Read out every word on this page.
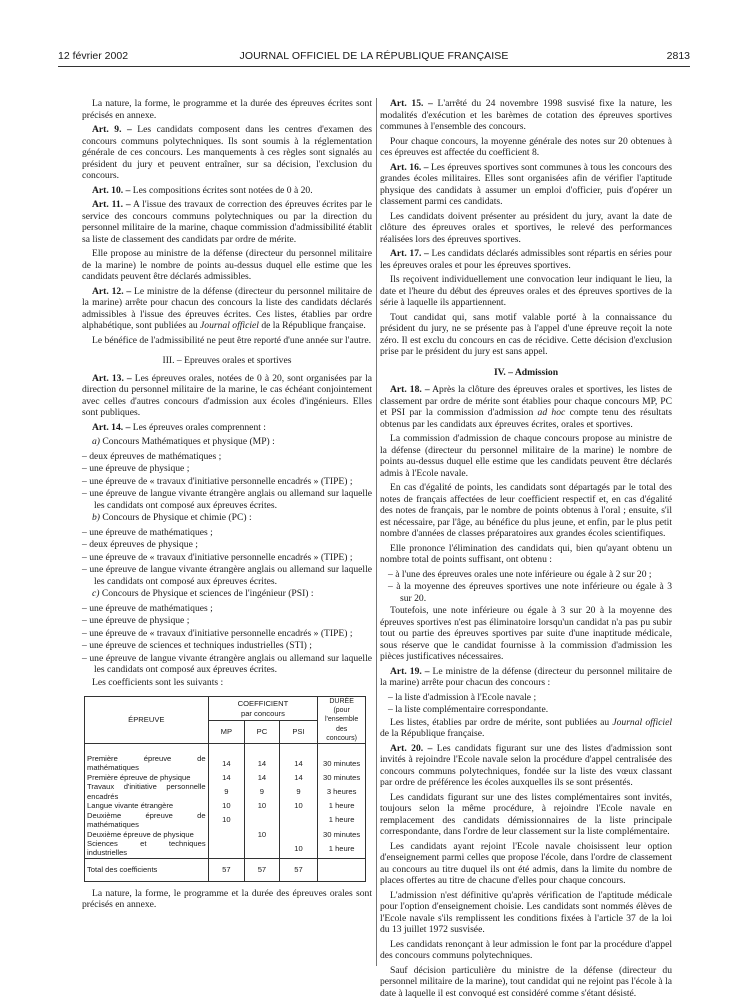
12 février 2002	JOURNAL OFFICIEL DE LA RÉPUBLIQUE FRANÇAISE	2813

La nature, la forme, le programme et la durée des épreuves écrites sont précisés en annexe.

Art. 9. – Les candidats composent dans les centres d'examen des concours communs polytechniques. Ils sont soumis à la réglementation générale de ces concours. Les manquements à ces règles sont signalés au président du jury et peuvent entraîner, sur sa décision, l'exclusion du concours.

Art. 10. – Les compositions écrites sont notées de 0 à 20.

Art. 11. – A l'issue des travaux de correction des épreuves écrites par le service des concours communs polytechniques ou par la direction du personnel militaire de la marine, chaque commission d'admissibilité établit sa liste de classement des candidats par ordre de mérite.

Elle propose au ministre de la défense (directeur du personnel militaire de la marine) le nombre de points au-dessus duquel elle estime que les candidats peuvent être déclarés admissibles.

Art. 12. – Le ministre de la défense (directeur du personnel militaire de la marine) arrête pour chacun des concours la liste des candidats déclarés admissibles à l'issue des épreuves écrites. Ces listes, établies par ordre alphabétique, sont publiées au Journal officiel de la République française.

Le bénéfice de l'admissibilité ne peut être reporté d'une année sur l'autre.

III. – Epreuves orales et sportives

Art. 13. – Les épreuves orales, notées de 0 à 20, sont organisées par la direction du personnel militaire de la marine, le cas échéant conjointement avec celles d'autres concours d'admission aux écoles d'ingénieurs. Elles sont publiques.

Art. 14. – Les épreuves orales comprennent :

a) Concours Mathématiques et physique (MP) :

– deux épreuves de mathématiques ;
– une épreuve de physique ;
– une épreuve de « travaux d'initiative personnelle encadrés » (TIPE) ;
– une épreuve de langue vivante étrangère anglais ou allemand sur laquelle les candidats ont composé aux épreuves écrites.

b) Concours de Physique et chimie (PC) :

– une épreuve de mathématiques ;
– deux épreuves de physique ;
– une épreuve de « travaux d'initiative personnelle encadrés » (TIPE) ;
– une épreuve de langue vivante étrangère anglais ou allemand sur laquelle les candidats ont composé aux épreuves écrites.

c) Concours de Physique et sciences de l'ingénieur (PSI) :

– une épreuve de mathématiques ;
– une épreuve de physique ;
– une épreuve de « travaux d'initiative personnelle encadrés » (TIPE) ;
– une épreuve de sciences et techniques industrielles (STI) ;
– une épreuve de langue vivante étrangère anglais ou allemand sur laquelle les candidats ont composé aux épreuves écrites.

Les coefficients sont les suivants :

ÉPREUVE	COEFFICIENT
par concours			DURÉE (pour l'ensemble des concours)
	MP	PC	PSI	

Première épreuve de mathématiques	14	14	14	30 minutes
Première épreuve de physique	14	14	14	30 minutes
Travaux d'initiative personnelle encadrés	9	9	9	3 heures
Langue vivante étrangère	10	10	10	1 heure
Deuxième épreuve de mathématiques	10			1 heure
Deuxième épreuve de physique		10		30 minutes
Sciences et techniques industrielles			10	1 heure
Total des coefficients	57	57	57	

La nature, la forme, le programme et la durée des épreuves orales sont précisés en annexe.

Art. 15. – L'arrêté du 24 novembre 1998 susvisé fixe la nature, les modalités d'exécution et les barèmes de cotation des épreuves sportives communes à l'ensemble des concours.

Pour chaque concours, la moyenne générale des notes sur 20 obtenues à ces épreuves est affectée du coefficient 8.

Art. 16. – Les épreuves sportives sont communes à tous les concours des grandes écoles militaires. Elles sont organisées afin de vérifier l'aptitude physique des candidats à assumer un emploi d'officier, puis d'opérer un classement parmi ces candidats.

Les candidats doivent présenter au président du jury, avant la date de clôture des épreuves orales et sportives, le relevé des performances réalisées lors des épreuves sportives.

Art. 17. – Les candidats déclarés admissibles sont répartis en séries pour les épreuves orales et pour les épreuves sportives.

Ils reçoivent individuellement une convocation leur indiquant le lieu, la date et l'heure du début des épreuves orales et des épreuves sportives de la série à laquelle ils appartiennent.

Tout candidat qui, sans motif valable porté à la connaissance du président du jury, ne se présente pas à l'appel d'une épreuve reçoit la note zéro. Il est exclu du concours en cas de récidive. Cette décision d'exclusion prise par le président du jury est sans appel.

IV. – Admission

Art. 18. – Après la clôture des épreuves orales et sportives, les listes de classement par ordre de mérite sont établies pour chaque concours MP, PC et PSI par la commission d'admission ad hoc compte tenu des résultats obtenus par les candidats aux épreuves écrites, orales et sportives.

La commission d'admission de chaque concours propose au ministre de la défense (directeur du personnel militaire de la marine) le nombre de points au-dessus duquel elle estime que les candidats peuvent être déclarés admis à l'Ecole navale.

En cas d'égalité de points, les candidats sont départagés par le total des notes de français affectées de leur coefficient respectif et, en cas d'égalité des notes de français, par le nombre de points obtenus à l'oral ; ensuite, s'il est nécessaire, par l'âge, au bénéfice du plus jeune, et enfin, par le plus petit nombre d'années de classes préparatoires aux grandes écoles scientifiques.

Elle prononce l'élimination des candidats qui, bien qu'ayant obtenu un nombre total de points suffisant, ont obtenu :

– à l'une des épreuves orales une note inférieure ou égale à 2 sur 20 ;
– à la moyenne des épreuves sportives une note inférieure ou égale à 3 sur 20.

Toutefois, une note inférieure ou égale à 3 sur 20 à la moyenne des épreuves sportives n'est pas éliminatoire lorsqu'un candidat n'a pas pu subir tout ou partie des épreuves sportives par suite d'une inaptitude médicale, sous réserve que le candidat fournisse à la commission d'admission les pièces justificatives nécessaires.

Art. 19. – Le ministre de la défense (directeur du personnel militaire de la marine) arrête pour chacun des concours :

– la liste d'admission à l'Ecole navale ;
– la liste complémentaire correspondante.

Les listes, établies par ordre de mérite, sont publiées au Journal officiel de la République française.

Art. 20. – Les candidats figurant sur une des listes d'admission sont invités à rejoindre l'Ecole navale selon la procédure d'appel centralisée des concours communs polytechniques, fondée sur la liste des vœux classant par ordre de préférence les écoles auxquelles ils se sont présentés.

Les candidats figurant sur une des listes complémentaires sont invités, toujours selon la même procédure, à rejoindre l'Ecole navale en remplacement des candidats démissionnaires de la liste principale correspondante, dans l'ordre de leur classement sur la liste complémentaire.

Les candidats ayant rejoint l'Ecole navale choisissent leur option d'enseignement parmi celles que propose l'école, dans l'ordre de classement au concours au titre duquel ils ont été admis, dans la limite du nombre de places offertes au titre de chacune d'elles pour chaque concours.

L'admission n'est définitive qu'après vérification de l'aptitude médicale pour l'option d'enseignement choisie. Les candidats sont nommés élèves de l'Ecole navale s'ils remplissent les conditions fixées à l'article 37 de la loi du 13 juillet 1972 susvisée.

Les candidats renonçant à leur admission le font par la procédure d'appel des concours communs polytechniques.

Sauf décision particulière du ministre de la défense (directeur du personnel militaire de la marine), tout candidat qui ne rejoint pas l'école à la date à laquelle il est convoqué est considéré comme s'étant désisté.
